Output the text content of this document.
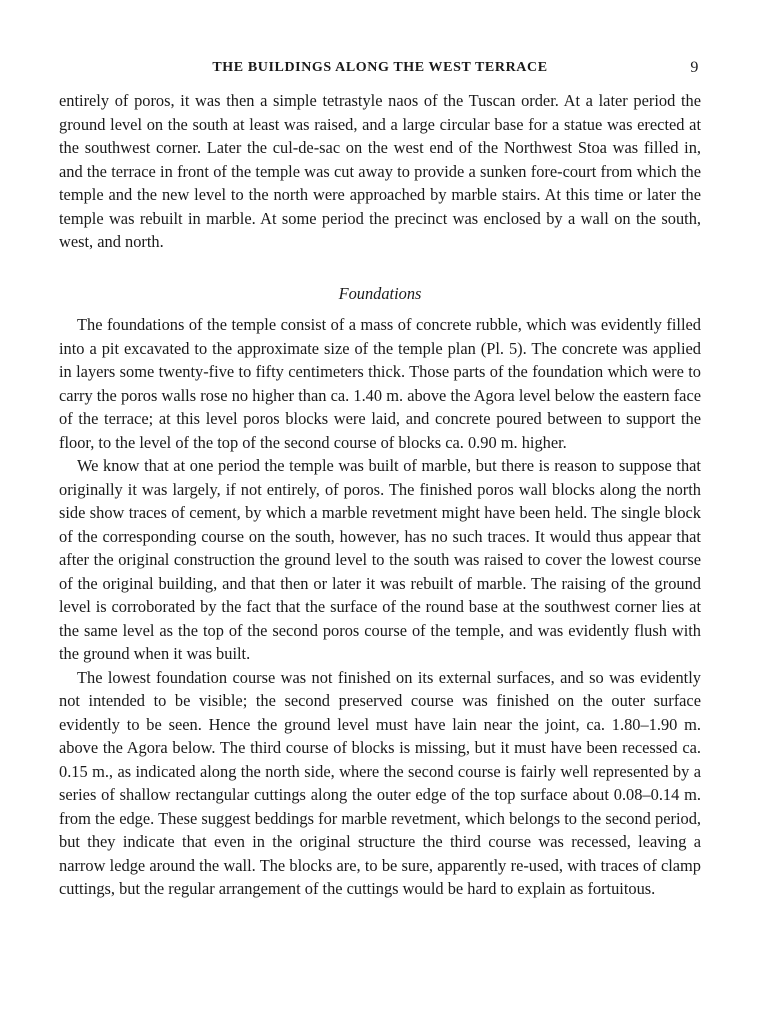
THE BUILDINGS ALONG THE WEST TERRACE	9

entirely of poros, it was then a simple tetrastyle naos of the Tuscan order. At a later period the ground level on the south at least was raised, and a large circular base for a statue was erected at the southwest corner. Later the cul-de-sac on the west end of the Northwest Stoa was filled in, and the terrace in front of the temple was cut away to provide a sunken fore-court from which the temple and the new level to the north were approached by marble stairs. At this time or later the temple was rebuilt in marble. At some period the precinct was enclosed by a wall on the south, west, and north.

Foundations

The foundations of the temple consist of a mass of concrete rubble, which was evidently filled into a pit excavated to the approximate size of the temple plan (Pl. 5). The concrete was applied in layers some twenty-five to fifty centimeters thick. Those parts of the foundation which were to carry the poros walls rose no higher than ca. 1.40 m. above the Agora level below the eastern face of the terrace; at this level poros blocks were laid, and concrete poured between to support the floor, to the level of the top of the second course of blocks ca. 0.90 m. higher.

We know that at one period the temple was built of marble, but there is reason to suppose that originally it was largely, if not entirely, of poros. The finished poros wall blocks along the north side show traces of cement, by which a marble revetment might have been held. The single block of the corresponding course on the south, however, has no such traces. It would thus appear that after the original construction the ground level to the south was raised to cover the lowest course of the original building, and that then or later it was rebuilt of marble. The raising of the ground level is corroborated by the fact that the surface of the round base at the southwest corner lies at the same level as the top of the second poros course of the temple, and was evidently flush with the ground when it was built.

The lowest foundation course was not finished on its external surfaces, and so was evidently not intended to be visible; the second preserved course was finished on the outer surface evidently to be seen. Hence the ground level must have lain near the joint, ca. 1.80–1.90 m. above the Agora below. The third course of blocks is missing, but it must have been recessed ca. 0.15 m., as indicated along the north side, where the second course is fairly well represented by a series of shallow rectangular cuttings along the outer edge of the top surface about 0.08–0.14 m. from the edge. These suggest beddings for marble revetment, which belongs to the second period, but they indicate that even in the original structure the third course was recessed, leaving a narrow ledge around the wall. The blocks are, to be sure, apparently re-used, with traces of clamp cuttings, but the regular arrangement of the cuttings would be hard to explain as fortuitous.
